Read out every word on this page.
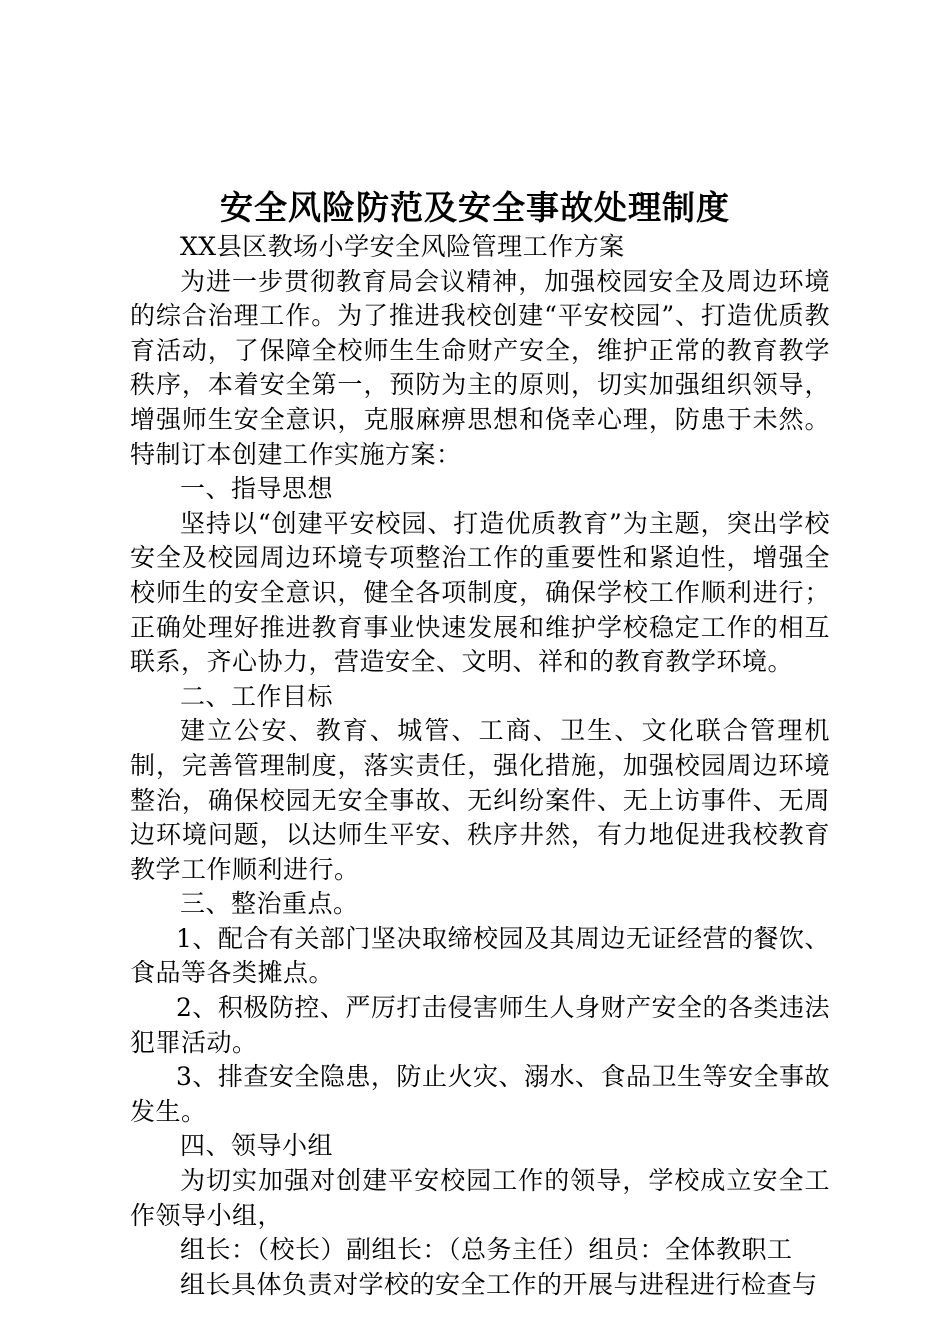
安全风险防范及安全事故处理制度

XX县区教场小学安全风险管理工作方案

为进一步贯彻教育局会议精神，加强校园安全及周边环境的综合治理工作。为了推进我校创建“平安校园”、打造优质教育活动，了保障全校师生生命财产安全，维护正常的教育教学秩序，本着安全第一，预防为主的原则，切实加强组织领导，增强师生安全意识，克服麻痹思想和侥幸心理，防患于未然。特制订本创建工作实施方案：

一、指导思想

坚持以“创建平安校园、打造优质教育”为主题，突出学校安全及校园周边环境专项整治工作的重要性和紧迫性，增强全校师生的安全意识，健全各项制度，确保学校工作顺利进行；正确处理好推进教育事业快速发展和维护学校稳定工作的相互联系，齐心协力，营造安全、文明、祥和的教育教学环境。

二、工作目标

建立公安、教育、城管、工商、卫生、文化联合管理机制，完善管理制度，落实责任，强化措施，加强校园周边环境整治，确保校园无安全事故、无纠纷案件、无上访事件、无周边环境问题，以达师生平安、秩序井然，有力地促进我校教育教学工作顺利进行。

三、整治重点。

1、配合有关部门坚决取缔校园及其周边无证经营的餐饮、食品等各类摊点。

2、积极防控、严厉打击侵害师生人身财产安全的各类违法犯罪活动。

3、排查安全隐患，防止火灾、溺水、食品卫生等安全事故发生。

四、领导小组

为切实加强对创建平安校园工作的领导，学校成立安全工作领导小组，

组长：（校长）副组长：（总务主任）组员：全体教职工

组长具体负责对学校的安全工作的开展与进程进行检查与
